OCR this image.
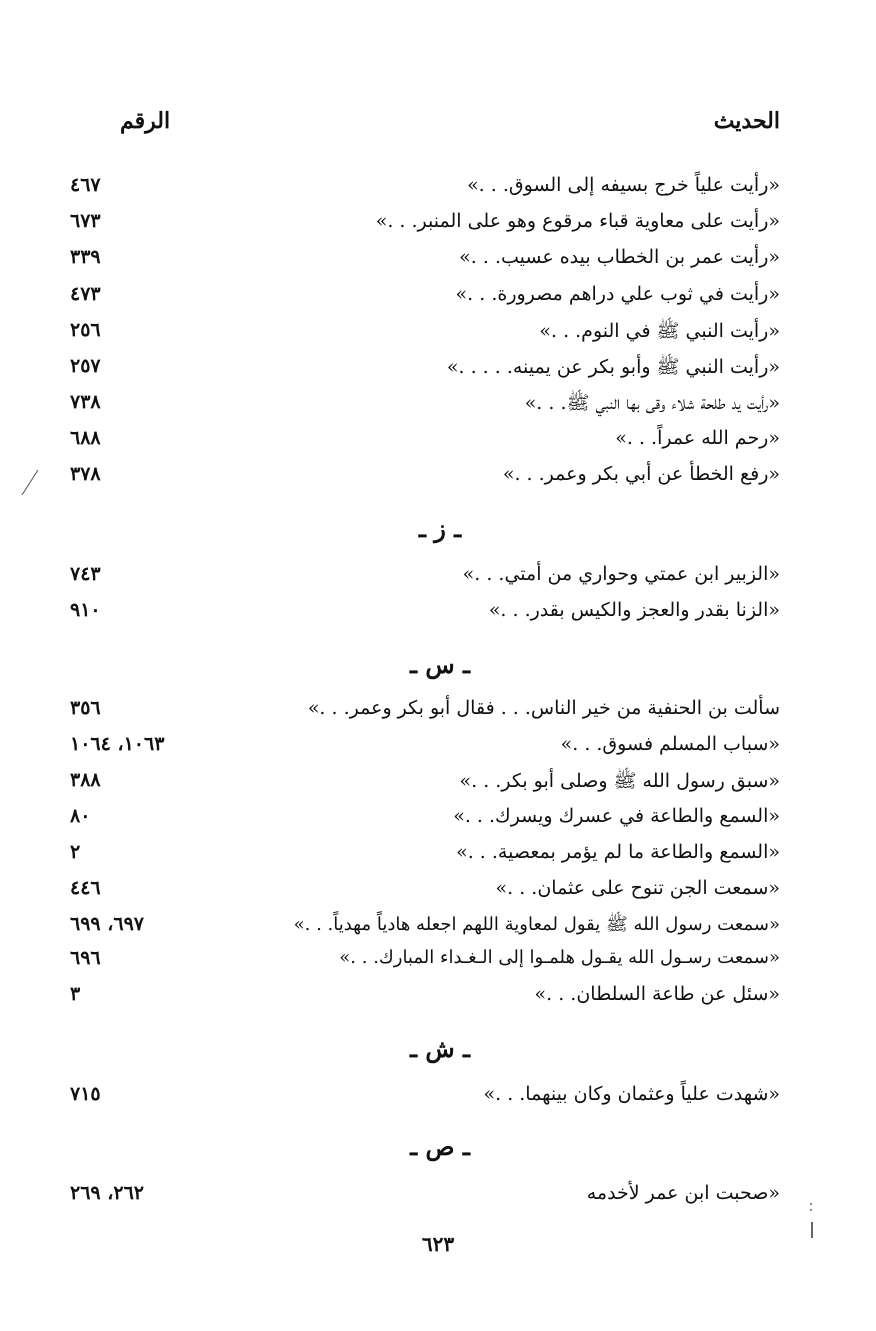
الحديث
الرقم
«رأيت علياً خرج بسيفه إلى السوق. . .»
٤٦٧
«رأيت على معاوية قباء مرقوع وهو على المنبر. . .»
٦٧٣
«رأيت عمر بن الخطاب بيده عسيب. . .»
٣٣٩
«رأيت في ثوب علي دراهم مصرورة. . .»
٤٧٣
«رأيت النبي ﷺ في النوم. . .»
٢٥٦
«رأيت النبي ﷺ وأبو بكر عن يمينه. . . . .»
٢٥٧
«رأيت يد طلحة شلاء وقى بها النبي ﷺ. . .»
٧٣٨
«رحم الله عمراً. . .»
٦٨٨
«رفع الخطأ عن أبي بكر وعمر. . .»
٣٧٨
ـ ز ـ
«الزبير ابن عمتي وحواري من أمتي. . .»
٧٤٣
«الزنا بقدر والعجز والكيس بقدر. . .»
٩١٠
ـ س ـ
سألت بن الحنفية من خير الناس. . . فقال أبو بكر وعمر. . .»
٣٥٦
«سباب المسلم فسوق. . .»
١٠٦٣، ١٠٦٤
«سبق رسول الله ﷺ وصلى أبو بكر. . .»
٣٨٨
«السمع والطاعة في عسرك ويسرك. . .»
٨٠
«السمع والطاعة ما لم يؤمر بمعصية. . .»
٢
«سمعت الجن تنوح على عثمان. . .»
٤٤٦
«سمعت رسول الله ﷺ يقول لمعاوية اللهم اجعله هادياً مهدياً. . .»
٦٩٧، ٦٩٩
«سمعت رسـول الله يقـول هلمـوا إلى الـغـداء المبارك. . .»
٦٩٦
«سئل عن طاعة السلطان. . .»
٣
ـ ش ـ
«شهدت علياً وعثمان وكان بينهما. . .»
٧١٥
ـ ص ـ
«صحبت ابن عمر لأخدمه
٢٦٢، ٢٦٩
٦٢٣
